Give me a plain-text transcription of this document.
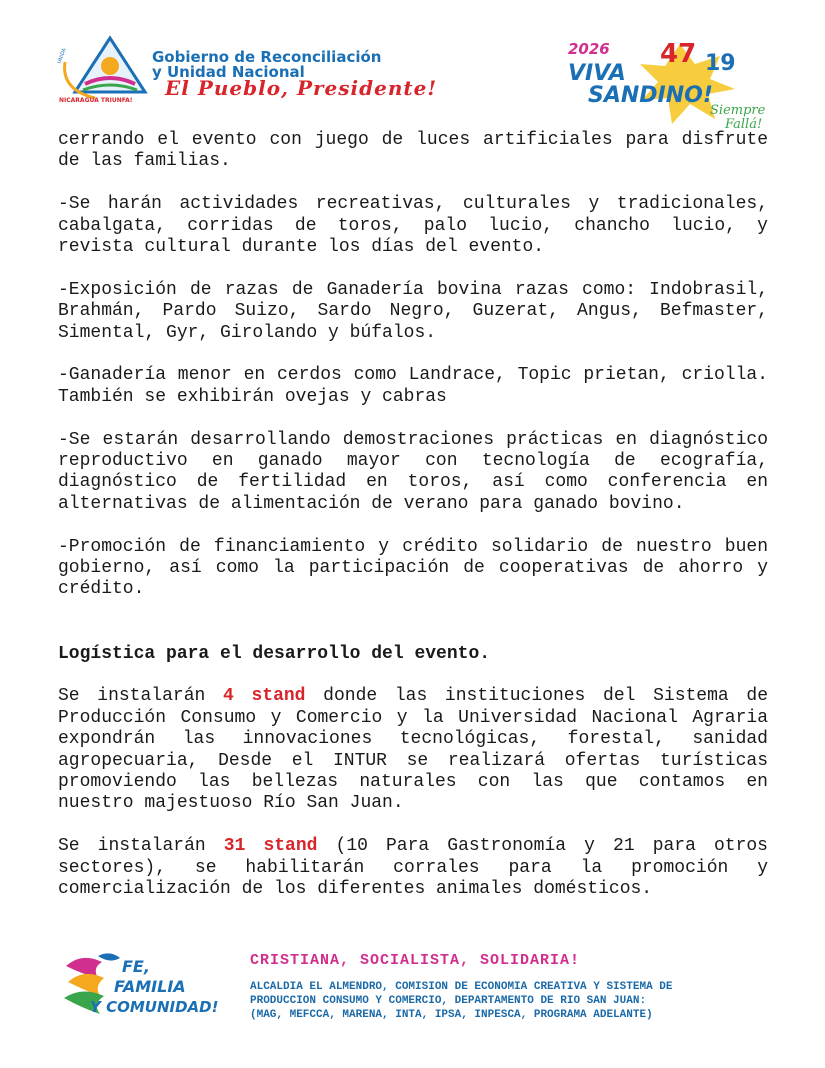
NICARAGUA TRIUNFA!
UNIDA	Gobierno de Reconciliación
y Unidad Nacional
El Pueblo, Presidente!
2026 47 19
VIVA
SANDINO!
Siempre
Fallá!

cerrando el evento con juego de luces artificiales para disfrute de las familias.

-Se harán actividades recreativas, culturales y tradicionales, cabalgata, corridas de toros, palo lucio, chancho lucio, y revista cultural durante los días del evento.

-Exposición de razas de Ganadería bovina razas como: Indobrasil, Brahmán, Pardo Suizo, Sardo Negro, Guzerat, Angus, Befmaster, Simental, Gyr, Girolando y búfalos.

-Ganadería menor en cerdos como Landrace, Topic prietan, criolla. También se exhibirán ovejas y cabras

-Se estarán desarrollando demostraciones prácticas en diagnóstico reproductivo en ganado mayor con tecnología de ecografía, diagnóstico de fertilidad en toros, así como conferencia en alternativas de alimentación de verano para ganado bovino.

-Promoción de financiamiento y crédito solidario de nuestro buen gobierno, así como la participación de cooperativas de ahorro y crédito.

Logística para el desarrollo del evento.

Se instalarán 4 stand donde las instituciones del Sistema de Producción Consumo y Comercio y la Universidad Nacional Agraria expondrán las innovaciones tecnológicas, forestal, sanidad agropecuaria, Desde el INTUR se realizará ofertas turísticas promoviendo las bellezas naturales con las que contamos en nuestro majestuoso Río San Juan.

Se instalarán 31 stand (10 Para Gastronomía y 21 para otros sectores), se habilitarán corrales para la promoción y comercialización de los diferentes animales domésticos.

FE,
FAMILIA
Y COMUNIDAD!
CRISTIANA, SOCIALISTA, SOLIDARIA!
ALCALDIA EL ALMENDRO, COMISION DE ECONOMIA CREATIVA Y SISTEMA DE
PRODUCCION CONSUMO Y COMERCIO, DEPARTAMENTO DE RIO SAN JUAN:
(MAG, MEFCCA, MARENA, INTA, IPSA, INPESCA, PROGRAMA ADELANTE)
